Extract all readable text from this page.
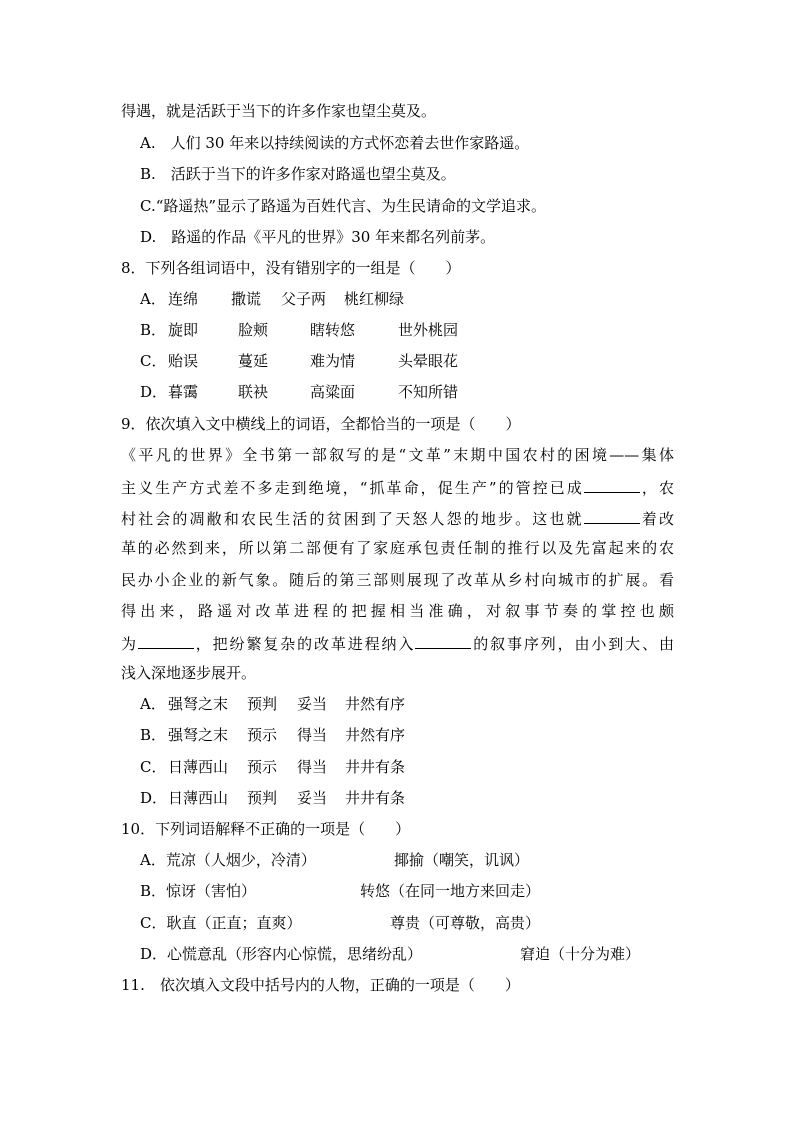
得遇，就是活跃于当下的许多作家也望尘莫及。
A.　人们 30 年来以持续阅读的方式怀恋着去世作家路遥。
B.　活跃于当下的许多作家对路遥也望尘莫及。
C.“路遥热”显示了路遥为百姓代言、为生民请命的文学追求。
D.　路遥的作品《平凡的世界》30 年来都名列前茅。
8．下列各组词语中，没有错别字的一组是（　　）
A． 连绵 撒谎 父子两 桃红柳绿
B． 旋即	脸颊	瞎转悠	世外桃园
C． 贻误	蔓延	难为情	头晕眼花
D． 暮霭	联袂	高粱面	不知所错
9．依次填入文中横线上的词语，全都恰当的一项是（　　）
《平凡的世界》全书第一部叙写的是“文革”末期中国农村的困境——集体
主义生产方式差不多走到绝境，“抓革命，促生产”的管控已成	，农
村社会的凋敝和农民生活的贫困到了天怒人怨的地步。这也就	着改
革的必然到来，所以第二部便有了家庭承包责任制的推行以及先富起来的农
民办小企业的新气象。随后的第三部则展现了改革从乡村向城市的扩展。看
得出来，路遥对改革进程的把握相当准确，对叙事节奏的掌控也颇
为	，把纷繁复杂的改革进程纳入	的叙事序列，由小到大、由
浅入深地逐步展开。
A． 强弩之末 预判 妥当 井然有序
B． 强弩之末 预示 得当 井然有序
C． 日薄西山 预示 得当 井井有条
D． 日薄西山 预判 妥当 井井有条
10．下列词语解释不正确的一项是（　　）
A．荒凉（人烟少，冷清）	揶揄（嘲笑，讥讽）
B．惊讶（害怕）	转悠（在同一地方来回走）
C．耿直（正直；直爽）	尊贵（可尊敬，高贵）
D．心慌意乱（形容内心惊慌，思绪纷乱）	窘迫（十分为难）
11.　依次填入文段中括号内的人物，正确的一项是（　　）
